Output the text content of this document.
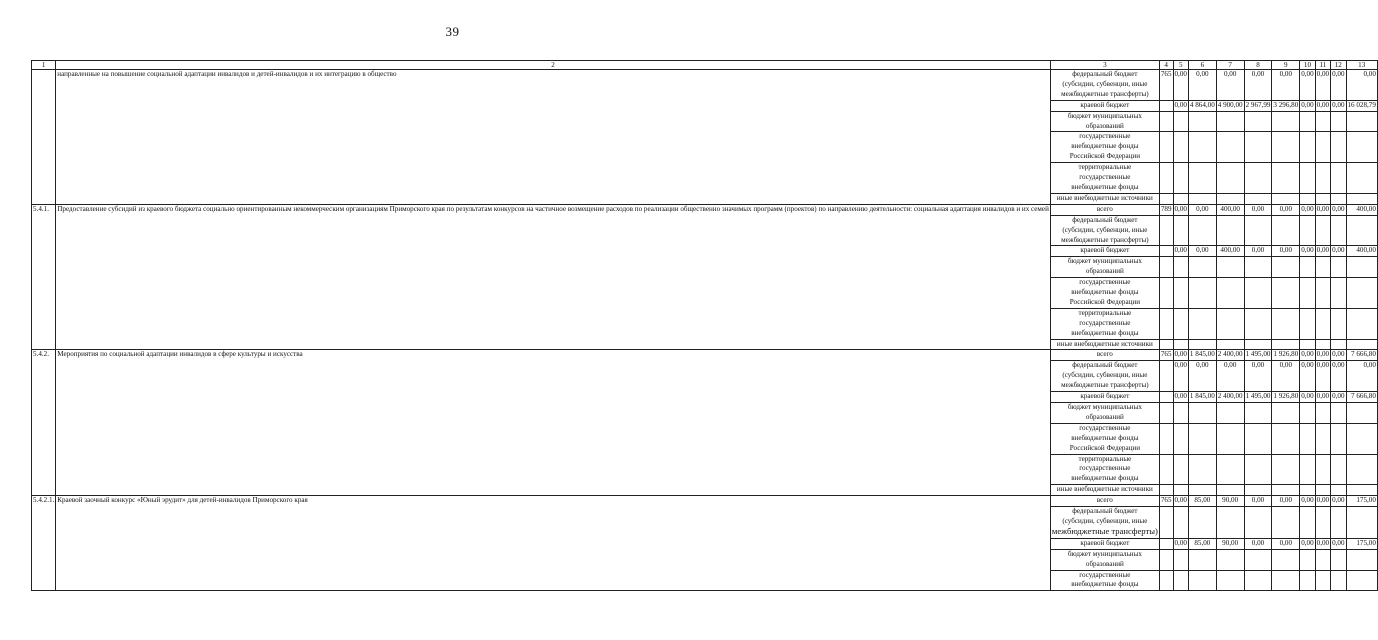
39
1	2	3	4	5	6	7	8	9	10	11	12	13
	направленные на повышение социальной адаптации инвалидов и детей-инвалидов и их интеграцию в общество	федеральный бюджет
(субсидии, субвенции, иные
межбюджетные трансферты)	765	0,00	0,00	0,00	0,00	0,00	0,00	0,00	0,00	0,00
		краевой бюджет		0,00	4 864,00	4 900,00	2 967,99	3 296,80	0,00	0,00	0,00	16 028,79
		бюджет муниципальных
образований										
		государственные
внебюджетные фонды
Российской Федерации										
		территориальные
государственные
внебюджетные фонды										
		иные внебюджетные источники										
5.4.1.	Предоставление субсидий из краевого бюджета социально ориентированным некоммерческим организациям Приморского края по результатам конкурсов на частичное возмещение расходов по реализации общественно значимых программ (проектов) по направлению деятельности: социальная адаптация инвалидов и их семей	всего	789	0,00	0,00	400,00	0,00	0,00	0,00	0,00	0,00	400,00
		федеральный бюджет
(субсидии, субвенции, иные
межбюджетные трансферты)										
		краевой бюджет		0,00	0,00	400,00	0,00	0,00	0,00	0,00	0,00	400,00
		бюджет муниципальных
образований										
		государственные
внебюджетные фонды
Российской Федерации										
		территориальные
государственные
внебюджетные фонды										
		иные внебюджетные источники										
5.4.2.	Мероприятия по социальной адаптации инвалидов в сфере культуры и искусства	всего	765	0,00	1 845,00	2 400,00	1 495,00	1 926,80	0,00	0,00	0,00	7 666,80
		федеральный бюджет
(субсидии, субвенции, иные
межбюджетные трансферты)		0,00	0,00	0,00	0,00	0,00	0,00	0,00	0,00	0,00
		краевой бюджет		0,00	1 845,00	2 400,00	1 495,00	1 926,80	0,00	0,00	0,00	7 666,80
		бюджет муниципальных
образований										
		государственные
внебюджетные фонды
Российской Федерации										
		территориальные
государственные
внебюджетные фонды										
		иные внебюджетные источники										
5.4.2.1.	Краевой заочный конкурс «Юный эрудит» для детей-инвалидов Приморского края	всего	765	0,00	85,00	90,00	0,00	0,00	0,00	0,00	0,00	175,00
		федеральный бюджет
(субсидии, субвенции, иные
межбюджетные трансферты)										
		краевой бюджет		0,00	85,00	90,00	0,00	0,00	0,00	0,00	0,00	175,00
		бюджет муниципальных
образований										
		государственные
внебюджетные фонды										
